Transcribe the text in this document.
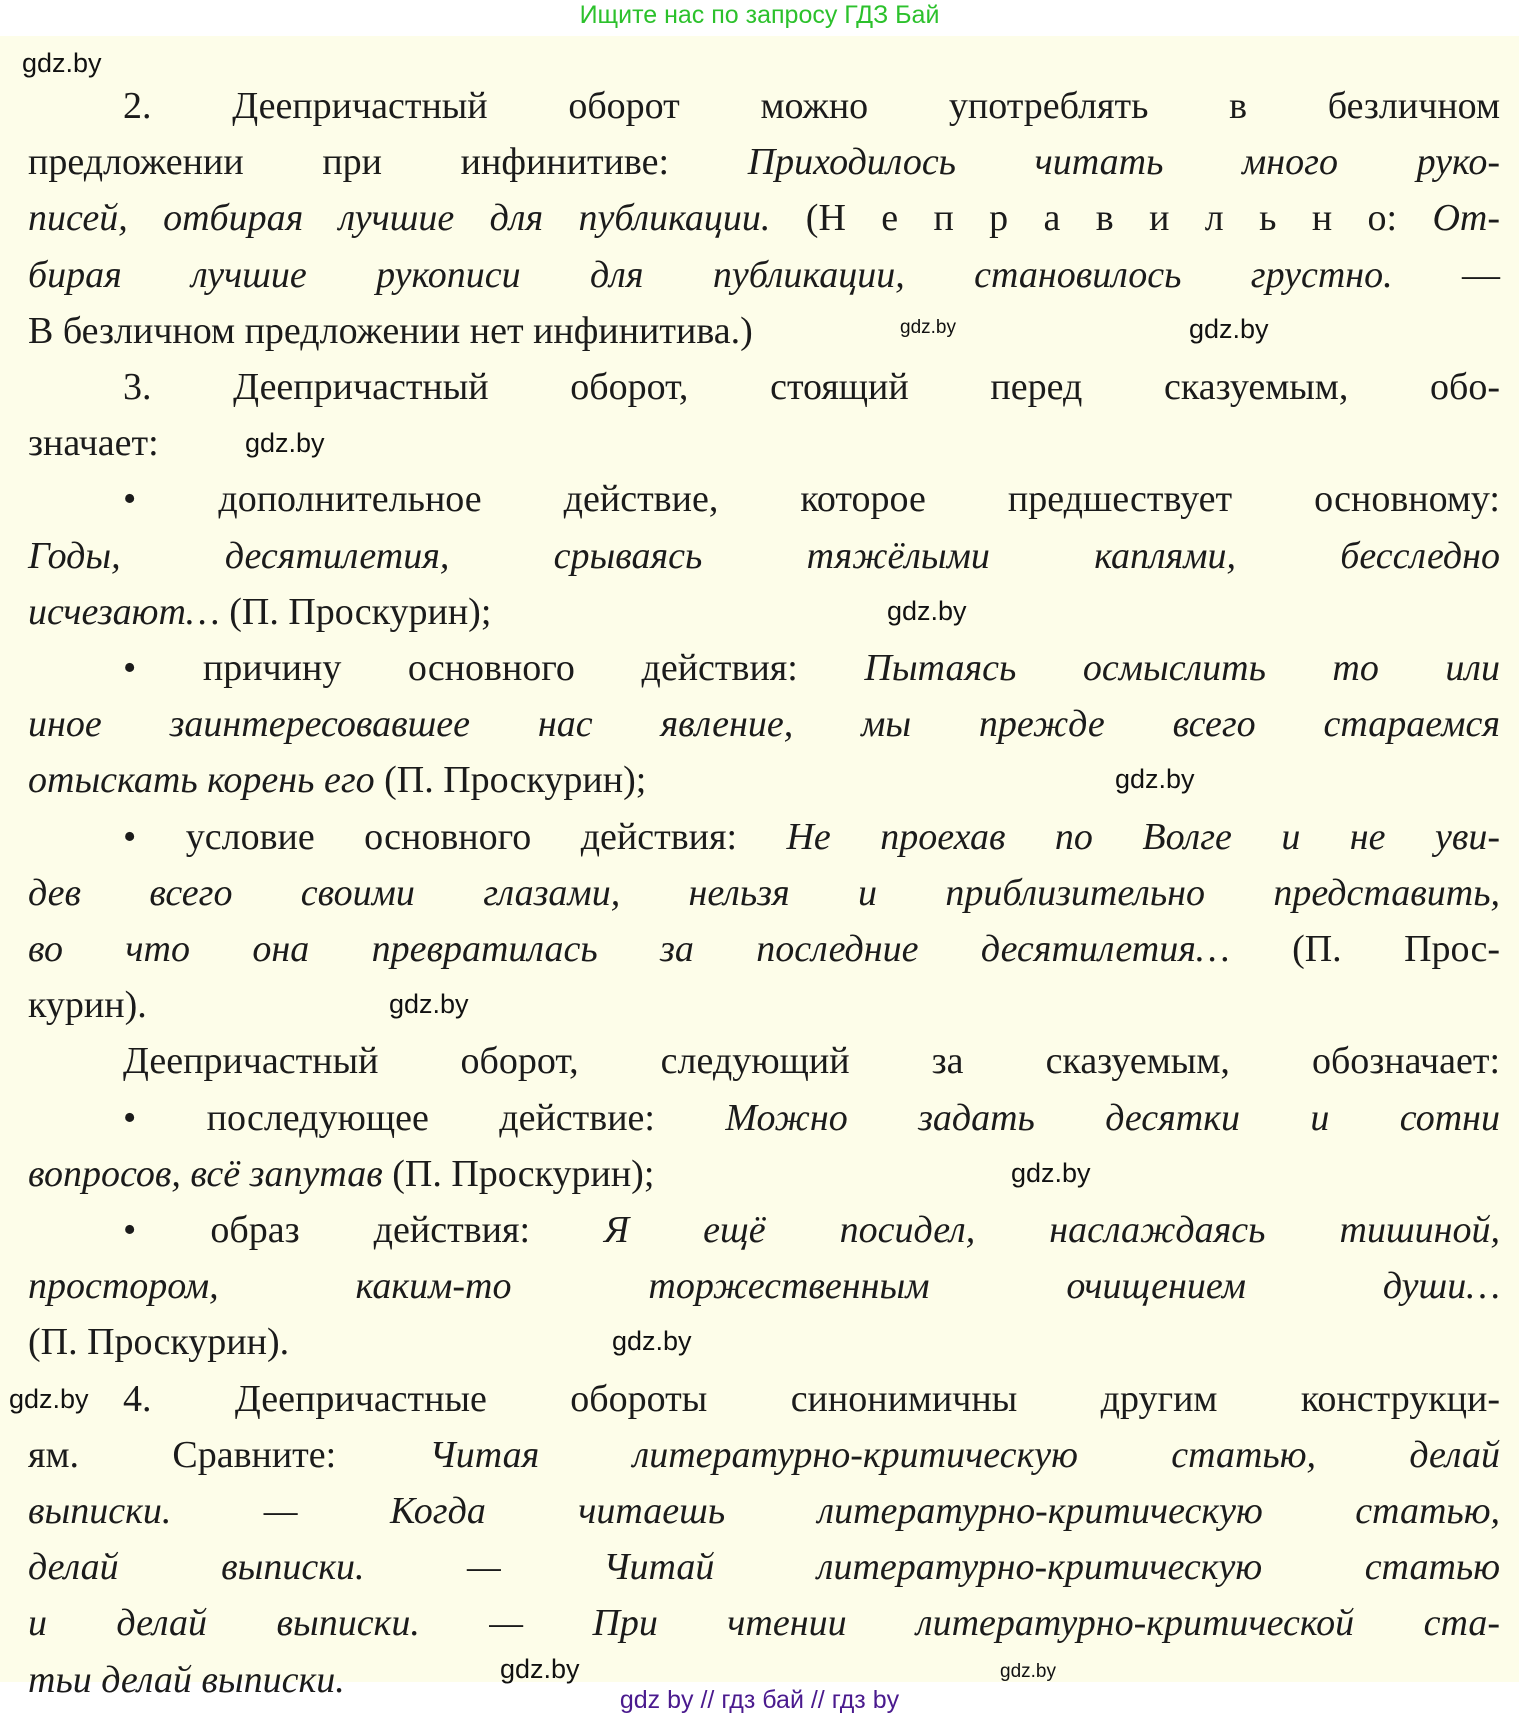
Ищите нас по запросу ГДЗ Бай
2. Деепричастный оборот можно употреблять в безличном
предложении при инфинитиве: Приходилось читать много руко-
писей, отбирая лучшие для публикации. (Н е п р а в и л ь н о: От-
бирая лучшие рукописи для публикации, становилось грустно. —
В безличном предложении нет инфинитива.)
3. Деепричастный оборот, стоящий перед сказуемым, обо-
значает:
• дополнительное действие, которое предшествует основному:
Годы, десятилетия, срываясь тяжёлыми каплями, бесследно
исчезают… (П. Проскурин);
• причину основного действия: Пытаясь осмыслить то или
иное заинтересовавшее нас явление, мы прежде всего стараемся
отыскать корень его (П. Проскурин);
• условие основного действия: Не проехав по Волге и не уви-
дев всего своими глазами, нельзя и приблизительно представить,
во что она превратилась за последние десятилетия… (П. Прос-
курин).
Деепричастный оборот, следующий за сказуемым, обозначает:
• последующее действие: Можно задать десятки и сотни
вопросов, всё запутав (П. Проскурин);
• образ действия: Я ещё посидел, наслаждаясь тишиной,
простором, каким-то торжественным очищением души…
(П. Проскурин).
4. Деепричастные обороты синонимичны другим конструкци-
ям. Сравните: Читая литературно-критическую статью, делай
выписки. — Когда читаешь литературно-критическую статью,
делай выписки. — Читай литературно-критическую статью
и делай выписки. — При чтении литературно-критической ста-
тьи делай выписки.
gdz.by
gdz.by	gdz.by
gdz.by
gdz.by
gdz.by
gdz.by
gdz.by
gdz.by
gdz.by
gdz.by
gdz.by
gdz by // гдз бай // гдз by
